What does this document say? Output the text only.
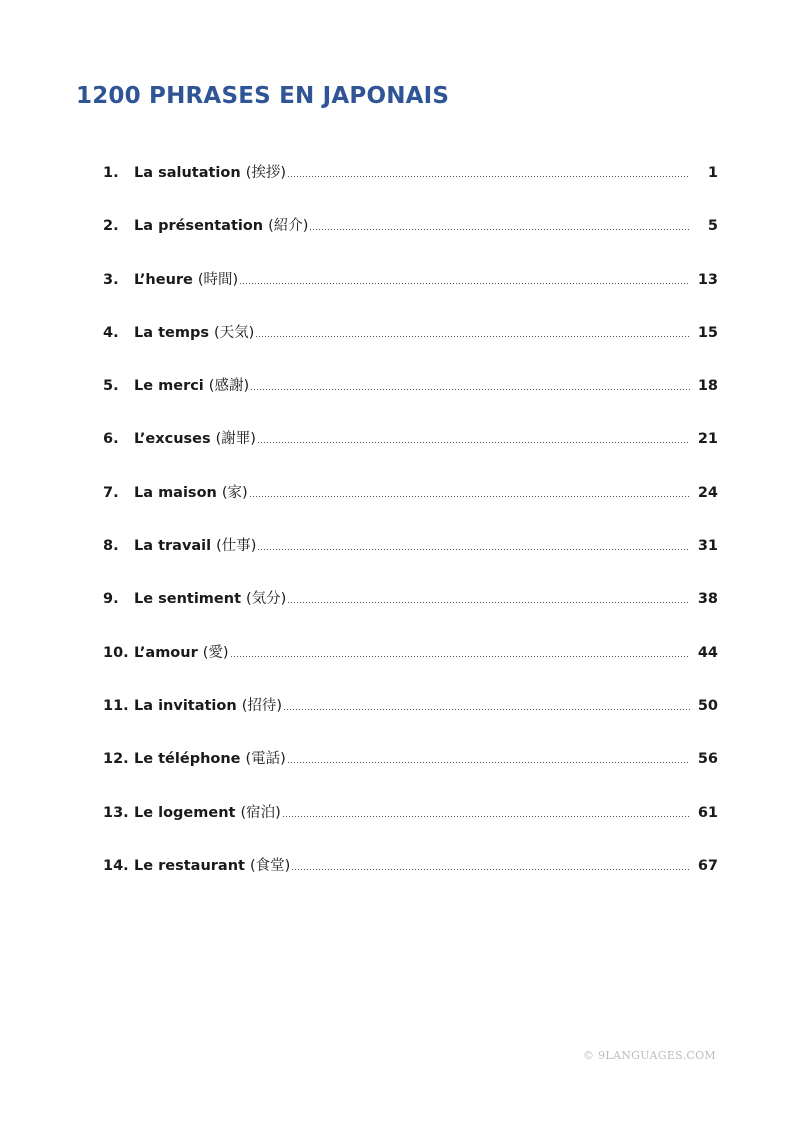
1200 PHRASES EN JAPONAIS
1.	La salutation (挨拶)	1
2.	La présentation (紹介)	5
3.	L’heure (時間)	13
4.	La temps (天気)	15
5.	Le merci (感謝)	18
6.	L’excuses (謝罪)	21
7.	La maison (家)	24
8.	La travail (仕事)	31
9.	Le sentiment (気分)	38
10. L’amour (愛)	44
11. La invitation (招待)	50
12. Le téléphone (電話)	56
13. Le logement (宿泊)	61
14. Le restaurant (食堂)	67
© 9LANGUAGES.COM
